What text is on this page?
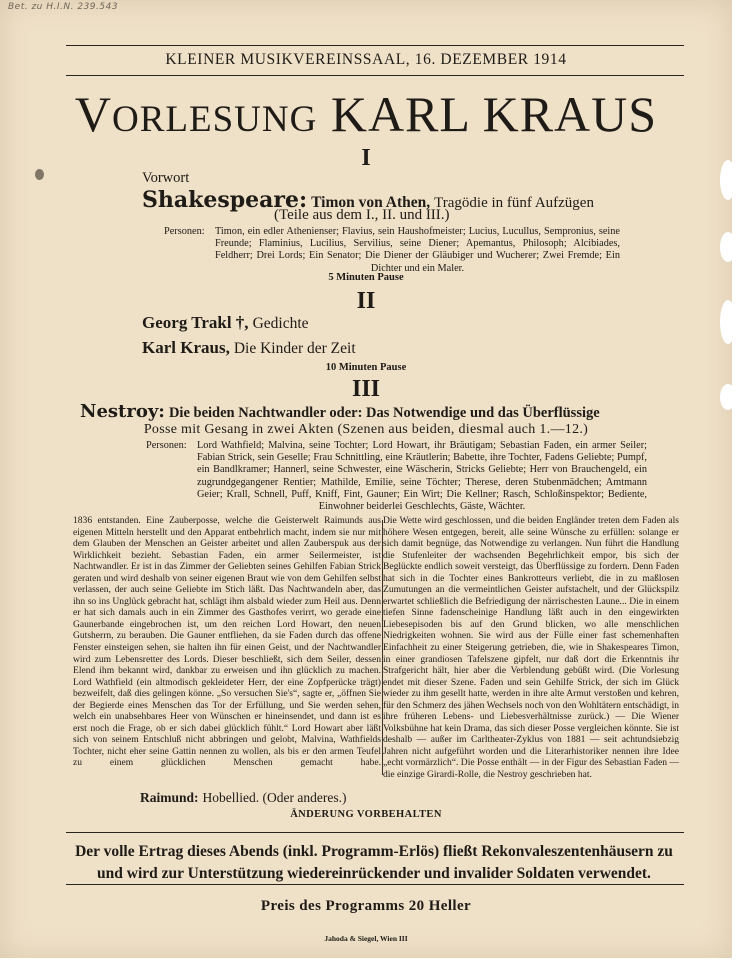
Bet. zu H.I.N. 239.543
KLEINER MUSIKVEREINSSAAL, 16. DEZEMBER 1914
VORLESUNG KARL KRAUS
I
Vorwort
Shakespeare: Timon von Athen, Tragödie in fünf Aufzügen
(Teile aus dem I., II. und III.)
Personen: Timon, ein edler Athenienser; Flavius, sein Haushofmeister; Lucius, Lucullus, Sempronius, seine Freunde; Flaminius, Lucilius, Servilius, seine Diener; Apemantus, Philosoph; Alcibiades, Feldherr; Drei Lords; Ein Senator; Die Diener der Gläubiger und Wucherer; Zwei Fremde; Ein Dichter und ein Maler.
5 Minuten Pause
II
Georg Trakl †, Gedichte
Karl Kraus, Die Kinder der Zeit
10 Minuten Pause
III
Nestroy: Die beiden Nachtwandler oder: Das Notwendige und das Überflüssige
Posse mit Gesang in zwei Akten (Szenen aus beiden, diesmal auch 1.—12.)
Personen: Lord Wathfield; Malvina, seine Tochter; Lord Howart, ihr Bräutigam; Sebastian Faden, ein armer Seiler; Fabian Strick, sein Geselle; Frau Schnittling, eine Kräutlerin; Babette, ihre Tochter, Fadens Geliebte; Pumpf, ein Bandlkramer; Hannerl, seine Schwester, eine Wäscherin, Stricks Geliebte; Herr von Brauchengeld, ein zugrundgegangener Rentier; Mathilde, Emilie, seine Töchter; Therese, deren Stubenmädchen; Amtmann Geier; Krall, Schnell, Puff, Kniff, Fint, Gauner; Ein Wirt; Die Kellner; Rasch, Schloßinspektor; Bediente, Einwohner beiderlei Geschlechts, Gäste, Wächter.
1836 entstanden. Eine Zauberposse, welche die Geisterwelt Raimunds aus eigenen Mitteln herstellt und den Apparat entbehrlich macht, indem sie nur mit dem Glauben der Menschen an Geister arbeitet und allen Zauberspuk aus der Wirklichkeit bezieht. Sebastian Faden, ein armer Seilermeister, ist Nachtwandler. Er ist in das Zimmer der Geliebten seines Gehilfen Fabian Strick geraten und wird deshalb von seiner eigenen Braut wie von dem Gehilfen selbst verlassen, der auch seine Geliebte im Stich läßt. Das Nachtwandeln aber, das ihn so ins Unglück gebracht hat, schlägt ihm alsbald wieder zum Heil aus. Denn er hat sich damals auch in ein Zimmer des Gasthofes verirrt, wo gerade eine Gaunerbande eingebrochen ist, um den reichen Lord Howart, den neuen Gutsherrn, zu berauben. Die Gauner entfliehen, da sie Faden durch das offene Fenster einsteigen sehen, sie halten ihn für einen Geist, und der Nachtwandler wird zum Lebensretter des Lords. Dieser beschließt, sich dem Seiler, dessen Elend ihm bekannt wird, dankbar zu erweisen und ihn glücklich zu machen. Lord Wathfield (ein altmodisch gekleideter Herr, der eine Zopfperücke trägt) bezweifelt, daß dies gelingen könne. „So versuchen Sie's“, sagte er, „öffnen Sie der Begierde eines Menschen das Tor der Erfüllung, und Sie werden sehen, welch ein unabsehbares Heer von Wünschen er hineinsendet, und dann ist es erst noch die Frage, ob er sich dabei glücklich fühlt.“ Lord Howart aber läßt sich von seinem Entschluß nicht abbringen und gelobt, Malvina, Wathfields Tochter, nicht eher seine Gattin nennen zu wollen, als bis er den armen Teufel zu einem glücklichen Menschen gemacht habe.
Die Wette wird geschlossen, und die beiden Engländer treten dem Faden als höhere Wesen entgegen, bereit, alle seine Wünsche zu erfüllen: solange er sich damit begnüge, das Notwendige zu verlangen. Nun führt die Handlung die Stufenleiter der wachsenden Begehrlichkeit empor, bis sich der Beglückte endlich soweit versteigt, das Überflüssige zu fordern. Denn Faden hat sich in die Tochter eines Bankrotteurs verliebt, die in zu maßlosen Zumutungen an die vermeintlichen Geister aufstachelt, und der Glückspilz erwartet schließlich die Befriedigung der närrischesten Laune... Die in einem tiefen Sinne fadenscheinige Handlung läßt auch in den eingewirkten Liebesepisoden bis auf den Grund blicken, wo alle menschlichen Niedrigkeiten wohnen. Sie wird aus der Fülle einer fast schemenhaften Einfachheit zu einer Steigerung getrieben, die, wie in Shakespeares Timon, in einer grandiosen Tafelszene gipfelt, nur daß dort die Erkenntnis ihr Strafgericht hält, hier aber die Verblendung gebüßt wird. (Die Vorlesung endet mit dieser Szene. Faden und sein Gehilfe Strick, der sich im Glück wieder zu ihm gesellt hatte, werden in ihre alte Armut verstoßen und kehren, für den Schmerz des jähen Wechsels noch von den Wohltätern entschädigt, in ihre früheren Lebens- und Liebesverhältnisse zurück.) — Die Wiener Volksbühne hat kein Drama, das sich dieser Posse vergleichen könnte. Sie ist deshalb — außer im Carltheater-Zyklus von 1881 — seit achtundsiebzig Jahren nicht aufgeführt worden und die Literarhistoriker nennen ihre Idee „echt vormärzlich“. Die Posse enthält — in der Figur des Sebastian Faden — die einzige Girardi-Rolle, die Nestroy geschrieben hat.
Raimund: Hobellied. (Oder anderes.)
ÄNDERUNG VORBEHALTEN
Der volle Ertrag dieses Abends (inkl. Programm-Erlös) fließt Rekonvaleszentenhäusern zu und wird zur Unterstützung wiedereinrückender und invalider Soldaten verwendet.
Preis des Programms 20 Heller
Jahoda & Siegel, Wien III
